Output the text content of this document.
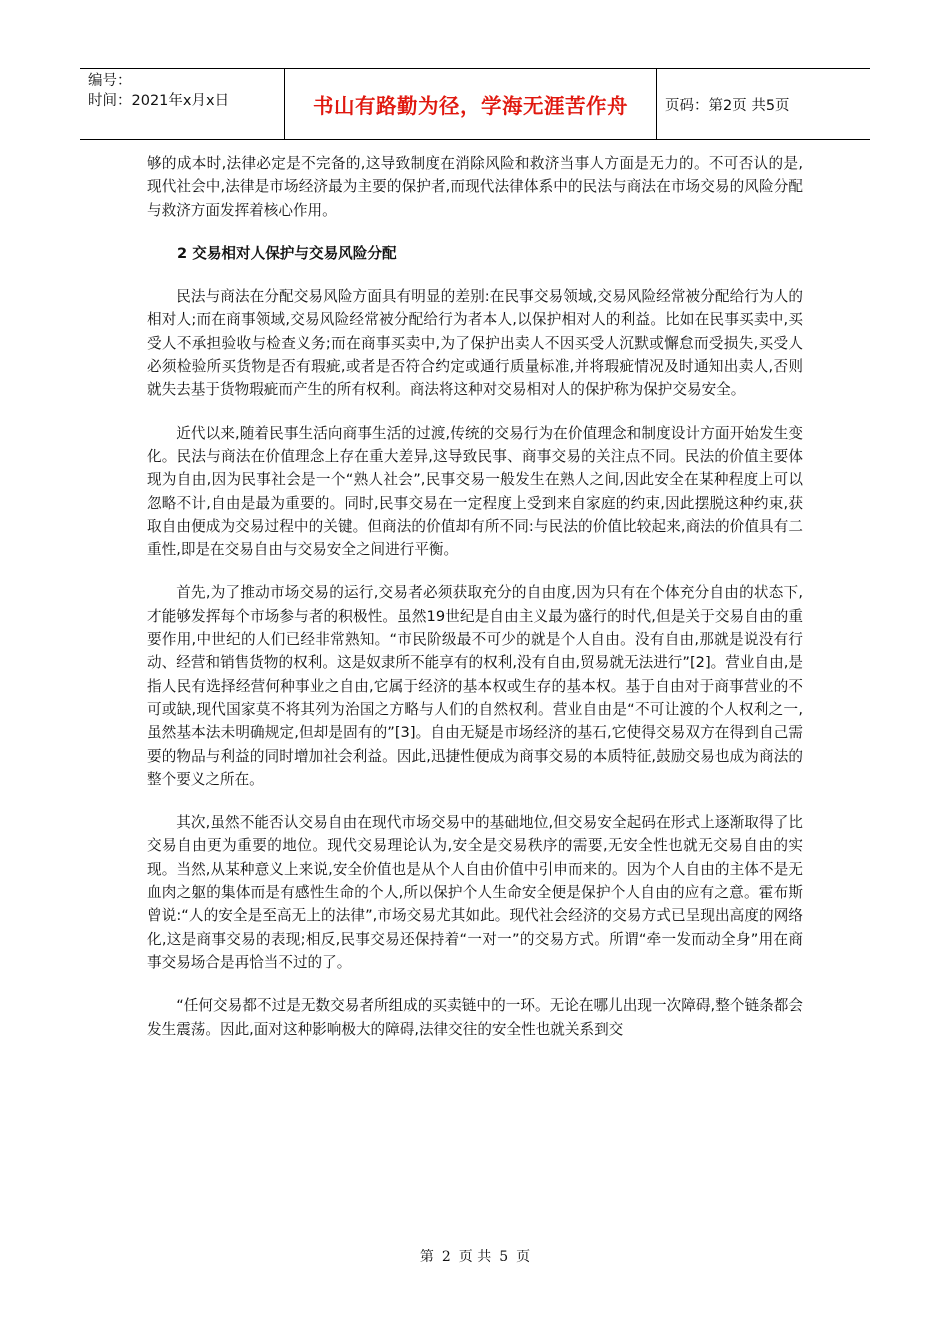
编号：
时间：2021年x月x日	书山有路勤为径，学海无涯苦作舟	页码：第2页 共5页

够的成本时,法律必定是不完备的,这导致制度在消除风险和救济当事人方面是无力的。不可否认的是,现代社会中,法律是市场经济最为主要的保护者,而现代法律体系中的民法与商法在市场交易的风险分配与救济方面发挥着核心作用。

2 交易相对人保护与交易风险分配

民法与商法在分配交易风险方面具有明显的差别:在民事交易领域,交易风险经常被分配给行为人的相对人;而在商事领域,交易风险经常被分配给行为者本人,以保护相对人的利益。比如在民事买卖中,买受人不承担验收与检查义务;而在商事买卖中,为了保护出卖人不因买受人沉默或懈怠而受损失,买受人必须检验所买货物是否有瑕疵,或者是否符合约定或通行质量标准,并将瑕疵情况及时通知出卖人,否则就失去基于货物瑕疵而产生的所有权利。商法将这种对交易相对人的保护称为保护交易安全。

近代以来,随着民事生活向商事生活的过渡,传统的交易行为在价值理念和制度设计方面开始发生变化。民法与商法在价值理念上存在重大差异,这导致民事、商事交易的关注点不同。民法的价值主要体现为自由,因为民事社会是一个“熟人社会”,民事交易一般发生在熟人之间,因此安全在某种程度上可以忽略不计,自由是最为重要的。同时,民事交易在一定程度上受到来自家庭的约束,因此摆脱这种约束,获取自由便成为交易过程中的关键。但商法的价值却有所不同:与民法的价值比较起来,商法的价值具有二重性,即是在交易自由与交易安全之间进行平衡。

首先,为了推动市场交易的运行,交易者必须获取充分的自由度,因为只有在个体充分自由的状态下,才能够发挥每个市场参与者的积极性。虽然19世纪是自由主义最为盛行的时代,但是关于交易自由的重要作用,中世纪的人们已经非常熟知。“市民阶级最不可少的就是个人自由。没有自由,那就是说没有行动、经营和销售货物的权利。这是奴隶所不能享有的权利,没有自由,贸易就无法进行”[2]。营业自由,是指人民有选择经营何种事业之自由,它属于经济的基本权或生存的基本权。基于自由对于商事营业的不可或缺,现代国家莫不将其列为治国之方略与人们的自然权利。营业自由是“不可让渡的个人权利之一,虽然基本法未明确规定,但却是固有的”[3]。自由无疑是市场经济的基石,它使得交易双方在得到自己需要的物品与利益的同时增加社会利益。因此,迅捷性便成为商事交易的本质特征,鼓励交易也成为商法的整个要义之所在。

其次,虽然不能否认交易自由在现代市场交易中的基础地位,但交易安全起码在形式上逐渐取得了比交易自由更为重要的地位。现代交易理论认为,安全是交易秩序的需要,无安全性也就无交易自由的实现。当然,从某种意义上来说,安全价值也是从个人自由价值中引申而来的。因为个人自由的主体不是无血肉之躯的集体而是有感性生命的个人,所以保护个人生命安全便是保护个人自由的应有之意。霍布斯曾说:“人的安全是至高无上的法律”,市场交易尤其如此。现代社会经济的交易方式已呈现出高度的网络化,这是商事交易的表现;相反,民事交易还保持着“一对一”的交易方式。所谓“牵一发而动全身”用在商事交易场合是再恰当不过的了。

“任何交易都不过是无数交易者所组成的买卖链中的一环。无论在哪儿出现一次障碍,整个链条都会发生震荡。因此,面对这种影响极大的障碍,法律交往的安全性也就关系到交

第 2 页 共 5 页
